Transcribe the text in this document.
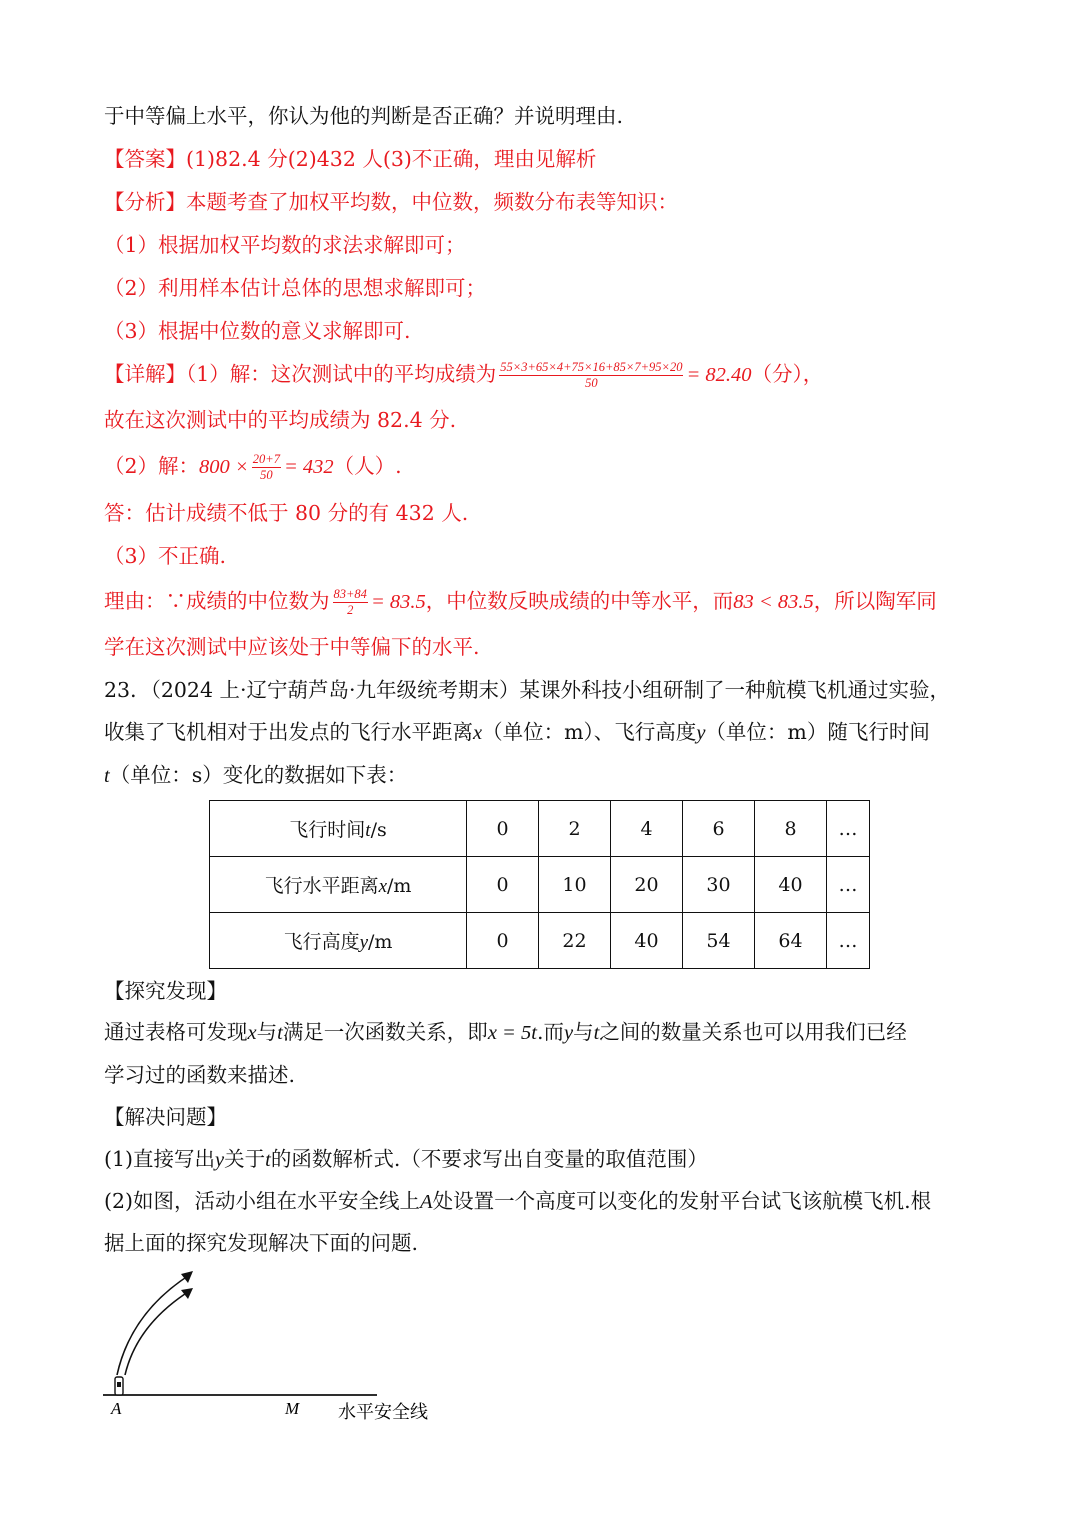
于中等偏上水平，你认为他的判断是否正确？并说明理由.
【答案】(1)82.4 分(2)432 人(3)不正确，理由见解析
【分析】本题考查了加权平均数，中位数，频数分布表等知识：
（1）根据加权平均数的求法求解即可；
（2）利用样本估计总体的思想求解即可；
（3）根据中位数的意义求解即可.
【详解】（1）解：这次测试中的平均成绩为 $\frac{55\times 3+65\times 4+75\times 16+85\times 7+95\times 20}{50} = 82.40$（分），
故在这次测试中的平均成绩为 82.4 分.
（2）解：$800 \times \frac{20+7}{50} = 432$（人）.
答：估计成绩不低于 80 分的有 432 人.
（3）不正确.
理由：∵成绩的中位数为 $\frac{83+84}{2} = 83.5$，中位数反映成绩的中等水平，而83 < 83.5，所以陶军同
学在这次测试中应该处于中等偏下的水平.
23．（2024 上·辽宁葫芦岛·九年级统考期末）某课外科技小组研制了一种航模飞机通过实验，
收集了飞机相对于出发点的飞行水平距离x（单位：m）、飞行高度y（单位：m）随飞行时间
t（单位：s）变化的数据如下表：
飞行时间t/s	0	2	4	6	8	…
飞行水平距离x/m	0	10	20	30	40	…
飞行高度y/m	0	22	40	54	64	…
【探究发现】
通过表格可发现x与t满足一次函数关系，即x = 5t.而y与t之间的数量关系也可以用我们已经
学习过的函数来描述.
【解决问题】
(1)直接写出y关于t的函数解析式.（不要求写出自变量的取值范围）
(2)如图，活动小组在水平安全线上A处设置一个高度可以变化的发射平台试飞该航模飞机.根
据上面的探究发现解决下面的问题.
A	M 水平安全线
